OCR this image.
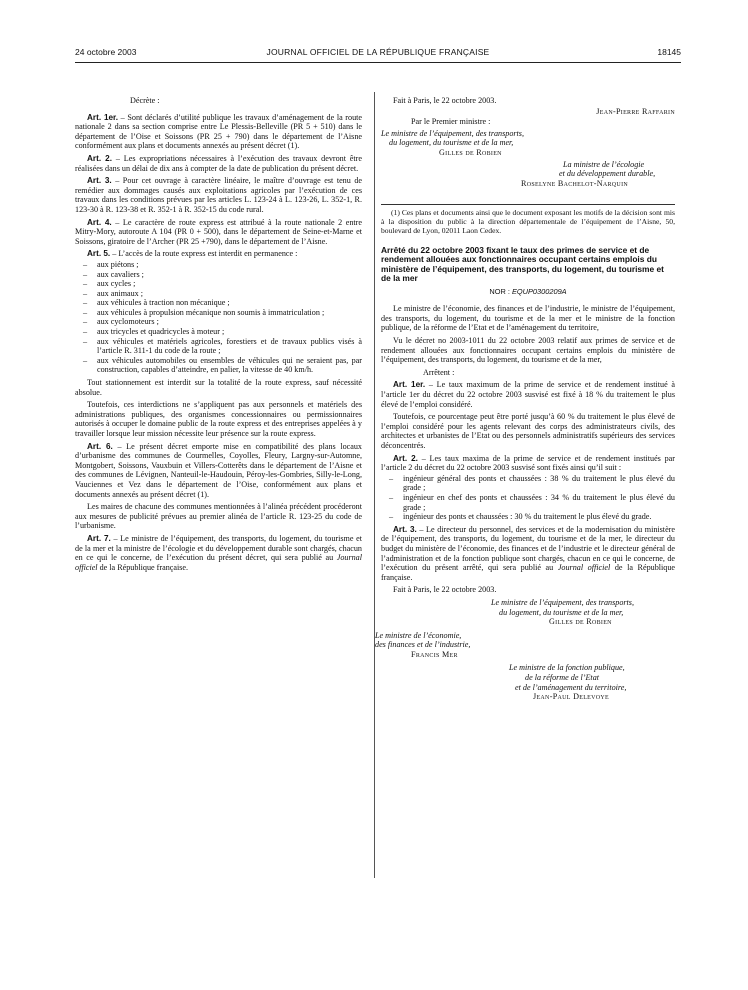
24 octobre 2003	JOURNAL OFFICIEL DE LA RÉPUBLIQUE FRANÇAISE	18145

Décrète :

Art. 1er. – Sont déclarés d’utilité publique les travaux d’aménagement de la route nationale 2 dans sa section comprise entre Le Plessis-Belleville (PR 5 + 510) dans le département de l’Oise et Soissons (PR 25 + 790) dans le département de l’Aisne conformément aux plans et documents annexés au présent décret (1).

Art. 2. – Les expropriations nécessaires à l’exécution des travaux devront être réalisées dans un délai de dix ans à compter de la date de publication du présent décret.

Art. 3. – Pour cet ouvrage à caractère linéaire, le maître d’ouvrage est tenu de remédier aux dommages causés aux exploitations agricoles par l’exécution de ces travaux dans les conditions prévues par les articles L. 123-24 à L. 123-26, L. 352-1, R. 123-30 à R. 123-38 et R. 352-1 à R. 352-15 du code rural.

Art. 4. – Le caractère de route express est attribué à la route nationale 2 entre Mitry-Mory, autoroute A 104 (PR 0 + 500), dans le département de Seine-et-Marne et Soissons, giratoire de l’Archer (PR 25 +790), dans le département de l’Aisne.

Art. 5. – L’accès de la route express est interdit en permanence :

– aux piétons ;
– aux cavaliers ;
– aux cycles ;
– aux animaux ;
– aux véhicules à traction non mécanique ;
– aux véhicules à propulsion mécanique non soumis à immatriculation ;
– aux cyclomoteurs ;
– aux tricycles et quadricycles à moteur ;
– aux véhicules et matériels agricoles, forestiers et de travaux publics visés à l’article R. 311-1 du code de la route ;
– aux véhicules automobiles ou ensembles de véhicules qui ne seraient pas, par construction, capables d’atteindre, en palier, la vitesse de 40 km/h.

Tout stationnement est interdit sur la totalité de la route express, sauf nécessité absolue.

Toutefois, ces interdictions ne s’appliquent pas aux personnels et matériels des administrations publiques, des organismes concessionnaires ou permissionnaires autorisés à occuper le domaine public de la route express et des entreprises appelées à y travailler lorsque leur mission nécessite leur présence sur la route express.

Art. 6. – Le présent décret emporte mise en compatibilité des plans locaux d’urbanisme des communes de Courmelles, Coyolles, Fleury, Largny-sur-Automne, Montgobert, Soissons, Vauxbuin et Villers-Cotterêts dans le département de l’Aisne et des communes de Lévignen, Nanteuil-le-Haudouin, Péroy-les-Gombries, Silly-le-Long, Vauciennes et Vez dans le département de l’Oise, conformément aux plans et documents annexés au présent décret (1).

Les maires de chacune des communes mentionnées à l’alinéa précédent procéderont aux mesures de publicité prévues au premier alinéa de l’article R. 123-25 du code de l’urbanisme.

Art. 7. – Le ministre de l’équipement, des transports, du logement, du tourisme et de la mer et la ministre de l’écologie et du développement durable sont chargés, chacun en ce qui le concerne, de l’exécution du présent décret, qui sera publié au Journal officiel de la République française.

Fait à Paris, le 22 octobre 2003.

Jean-Pierre Raffarin

Par le Premier ministre :

Le ministre de l’équipement, des transports,
du logement, du tourisme et de la mer,

Gilles de Robien

La ministre de l’écologie
et du développement durable,

Roselyne Bachelot-Narquin

(1) Ces plans et documents ainsi que le document exposant les motifs de la décision sont mis à la disposition du public à la direction départementale de l’équipement de l’Aisne, 50, boulevard de Lyon, 02011 Laon Cedex.

Arrêté du 22 octobre 2003 fixant le taux des primes de service et de rendement allouées aux fonctionnaires occupant certains emplois du ministère de l’équipement, des transports, du logement, du tourisme et de la mer

NOR : EQUP0300209A

Le ministre de l’économie, des finances et de l’industrie, le ministre de l’équipement, des transports, du logement, du tourisme et de la mer et le ministre de la fonction publique, de la réforme de l’Etat et de l’aménagement du territoire,

Vu le décret no 2003-1011 du 22 octobre 2003 relatif aux primes de service et de rendement allouées aux fonctionnaires occupant certains emplois du ministère de l’équipement, des transports, du logement, du tourisme et de la mer,

Arrêtent :

Art. 1er. – Le taux maximum de la prime de service et de rendement institué à l’article 1er du décret du 22 octobre 2003 susvisé est fixé à 18 % du traitement le plus élevé de l’emploi considéré.

Toutefois, ce pourcentage peut être porté jusqu’à 60 % du traitement le plus élevé de l’emploi considéré pour les agents relevant des corps des administrateurs civils, des architectes et urbanistes de l’Etat ou des personnels administratifs supérieurs des services déconcentrés.

Art. 2. – Les taux maxima de la prime de service et de rendement institués par l’article 2 du décret du 22 octobre 2003 susvisé sont fixés ainsi qu’il suit :

– ingénieur général des ponts et chaussées : 38 % du traitement le plus élevé du grade ;
– ingénieur en chef des ponts et chaussées : 34 % du traitement le plus élevé du grade ;
– ingénieur des ponts et chaussées : 30 % du traitement le plus élevé du grade.

Art. 3. – Le directeur du personnel, des services et de la modernisation du ministère de l’équipement, des transports, du logement, du tourisme et de la mer, le directeur du budget du ministère de l’économie, des finances et de l’industrie et le directeur général de l’administration et de la fonction publique sont chargés, chacun en ce qui le concerne, de l’exécution du présent arrêté, qui sera publié au Journal officiel de la République française.

Fait à Paris, le 22 octobre 2003.

Le ministre de l’équipement, des transports,
du logement, du tourisme et de la mer,

Gilles de Robien

Le ministre de l’économie,
des finances et de l’industrie,

Francis Mer

Le ministre de la fonction publique,
de la réforme de l’Etat
et de l’aménagement du territoire,

Jean-Paul Delevoye
